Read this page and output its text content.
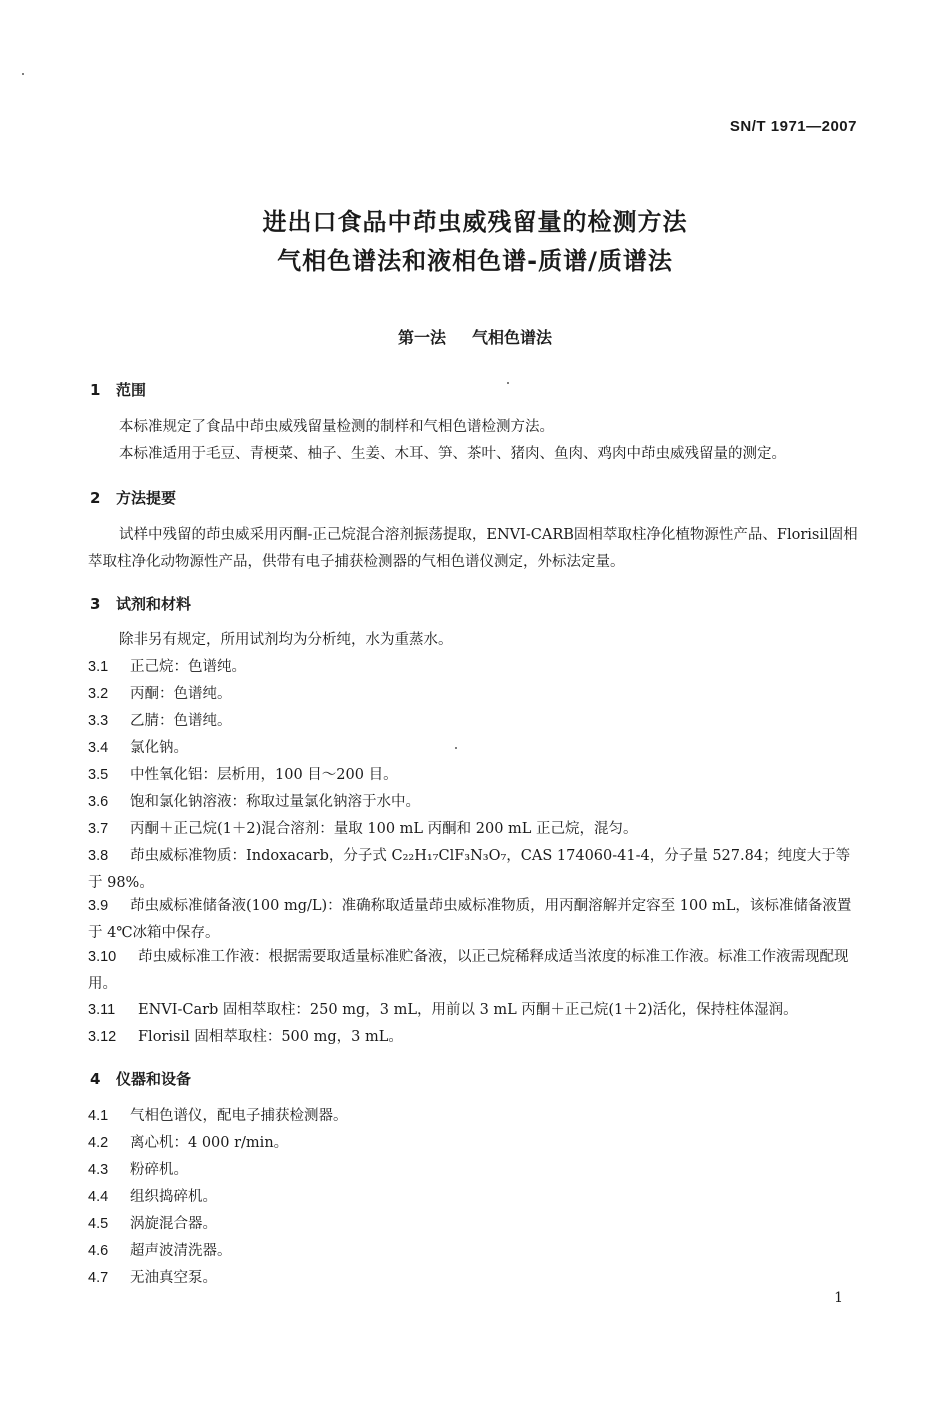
SN/T 1971—2007
进出口食品中茚虫威残留量的检测方法
气相色谱法和液相色谱-质谱/质谱法
第一法 气相色谱法
1 范围
本标准规定了食品中茚虫威残留量检测的制样和气相色谱检测方法。
本标准适用于毛豆、青梗菜、柚子、生姜、木耳、笋、茶叶、猪肉、鱼肉、鸡肉中茚虫威残留量的测定。
2 方法提要
试样中残留的茚虫威采用丙酮-正己烷混合溶剂振荡提取，ENVI-CARB固相萃取柱净化植物源性产品、Florisil固相萃取柱净化动物源性产品，供带有电子捕获检测器的气相色谱仪测定，外标法定量。
3 试剂和材料
除非另有规定，所用试剂均为分析纯，水为重蒸水。
3.1 正己烷：色谱纯。
3.2 丙酮：色谱纯。
3.3 乙腈：色谱纯。
3.4 氯化钠。
3.5 中性氧化铝：层析用，100 目～200 目。
3.6 饱和氯化钠溶液：称取过量氯化钠溶于水中。
3.7 丙酮＋正己烷(1＋2)混合溶剂：量取 100 mL 丙酮和 200 mL 正己烷，混匀。
3.8 茚虫威标准物质：Indoxacarb，分子式 C₂₂H₁₇ClF₃N₃O₇，CAS 174060-41-4，分子量 527.84；纯度大于等于 98%。
3.9 茚虫威标准储备液(100 mg/L)：准确称取适量茚虫威标准物质，用丙酮溶解并定容至 100 mL，该标准储备液置于 4℃冰箱中保存。
3.10 茚虫威标准工作液：根据需要取适量标准贮备液，以正己烷稀释成适当浓度的标准工作液。标准工作液需现配现用。
3.11 ENVI-Carb 固相萃取柱：250 mg，3 mL，用前以 3 mL 丙酮＋正己烷(1＋2)活化，保持柱体湿润。
3.12 Florisil 固相萃取柱：500 mg，3 mL。
4 仪器和设备
4.1 气相色谱仪，配电子捕获检测器。
4.2 离心机：4 000 r/min。
4.3 粉碎机。
4.4 组织捣碎机。
4.5 涡旋混合器。
4.6 超声波清洗器。
4.7 无油真空泵。
1
